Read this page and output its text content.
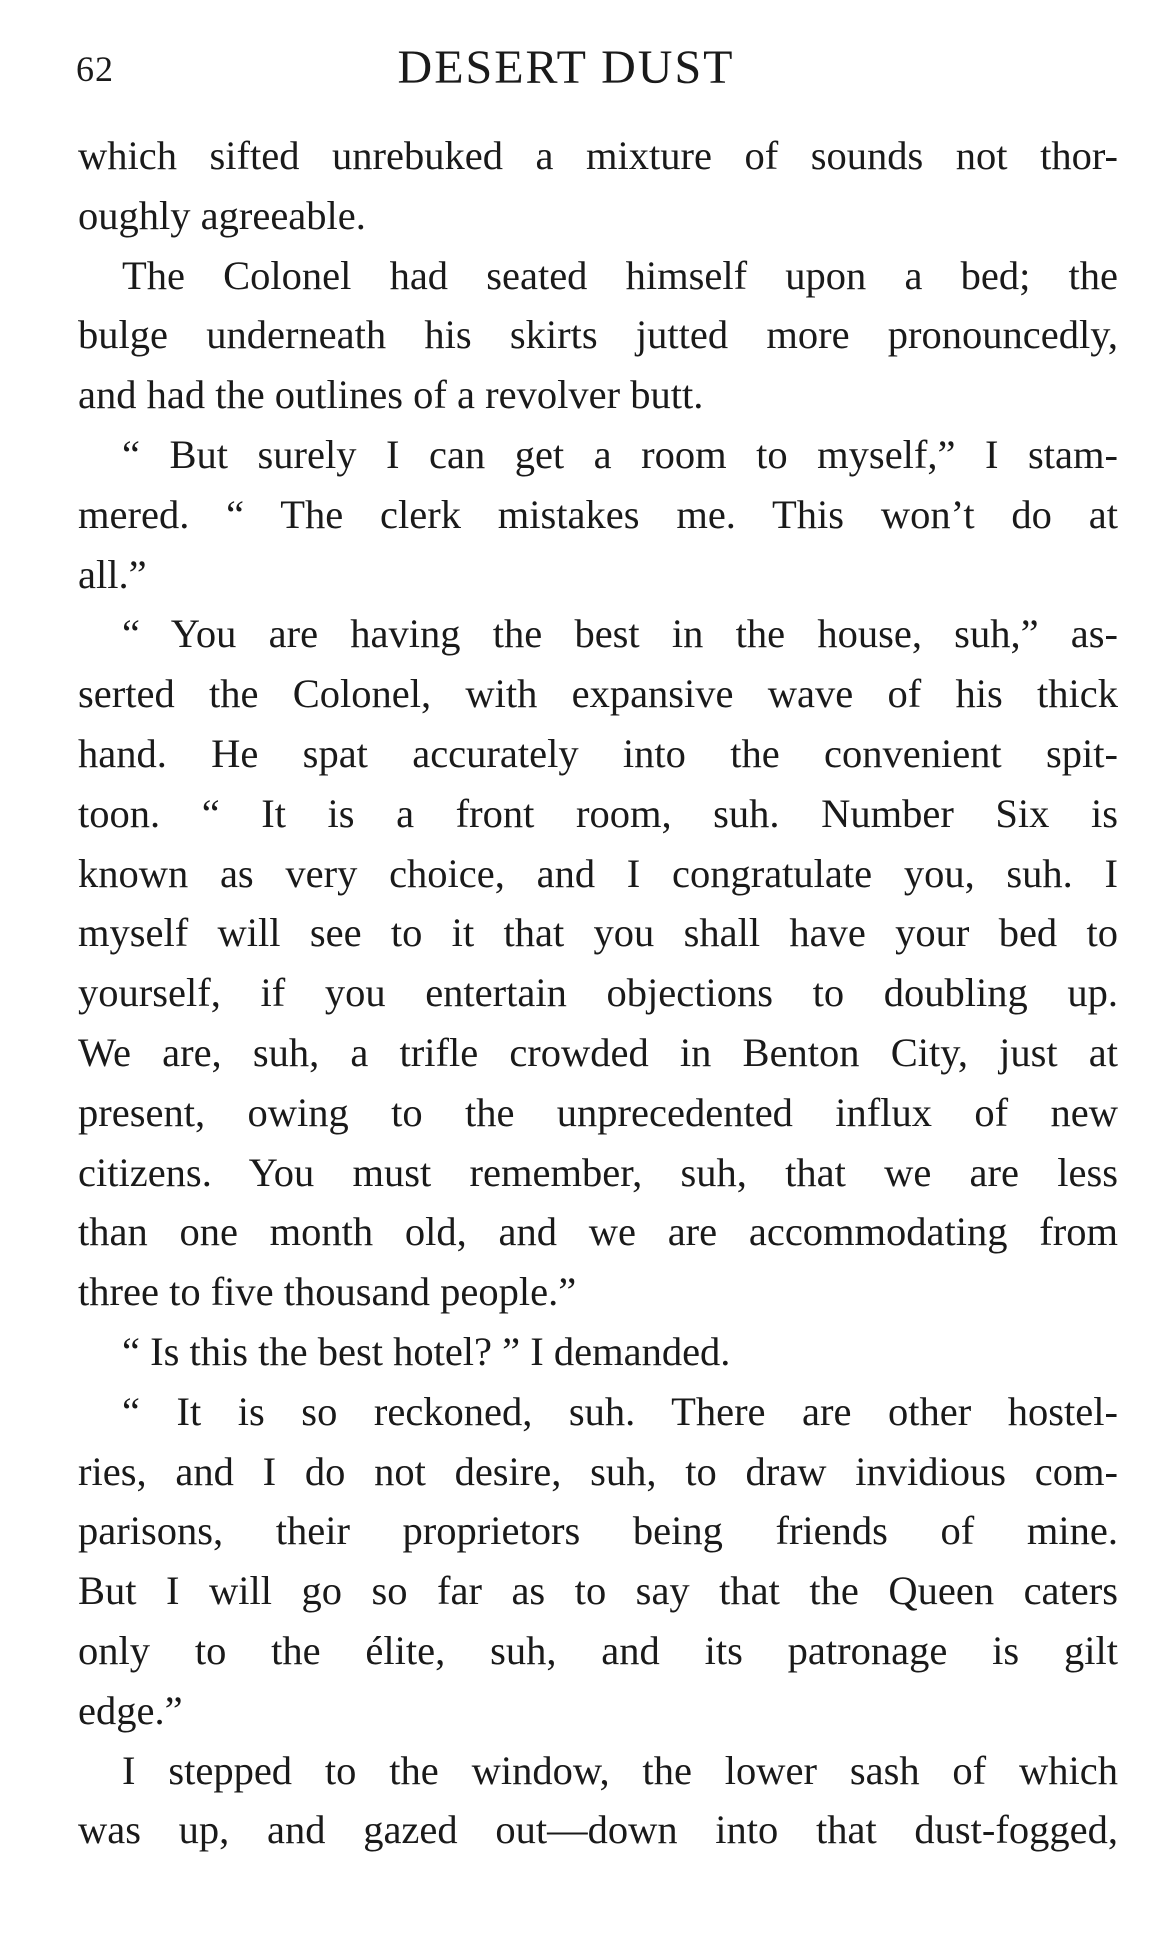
62	DESERT DUST
which sifted unrebuked a mixture of sounds not thor-
oughly agreeable.
The Colonel had seated himself upon a bed; the
bulge underneath his skirts jutted more pronouncedly,
and had the outlines of a revolver butt.
“ But surely I can get a room to myself,” I stam-
mered. “ The clerk mistakes me. This won’t do at
all.”
“ You are having the best in the house, suh,” as-
serted the Colonel, with expansive wave of his thick
hand. He spat accurately into the convenient spit-
toon. “ It is a front room, suh. Number Six is
known as very choice, and I congratulate you, suh. I
myself will see to it that you shall have your bed to
yourself, if you entertain objections to doubling up.
We are, suh, a trifle crowded in Benton City, just at
present, owing to the unprecedented influx of new
citizens. You must remember, suh, that we are less
than one month old, and we are accommodating from
three to five thousand people.”
“ Is this the best hotel? ” I demanded.
“ It is so reckoned, suh. There are other hostel-
ries, and I do not desire, suh, to draw invidious com-
parisons, their proprietors being friends of mine.
But I will go so far as to say that the Queen caters
only to the élite, suh, and its patronage is gilt
edge.”
I stepped to the window, the lower sash of which
was up, and gazed out—down into that dust-fogged,
